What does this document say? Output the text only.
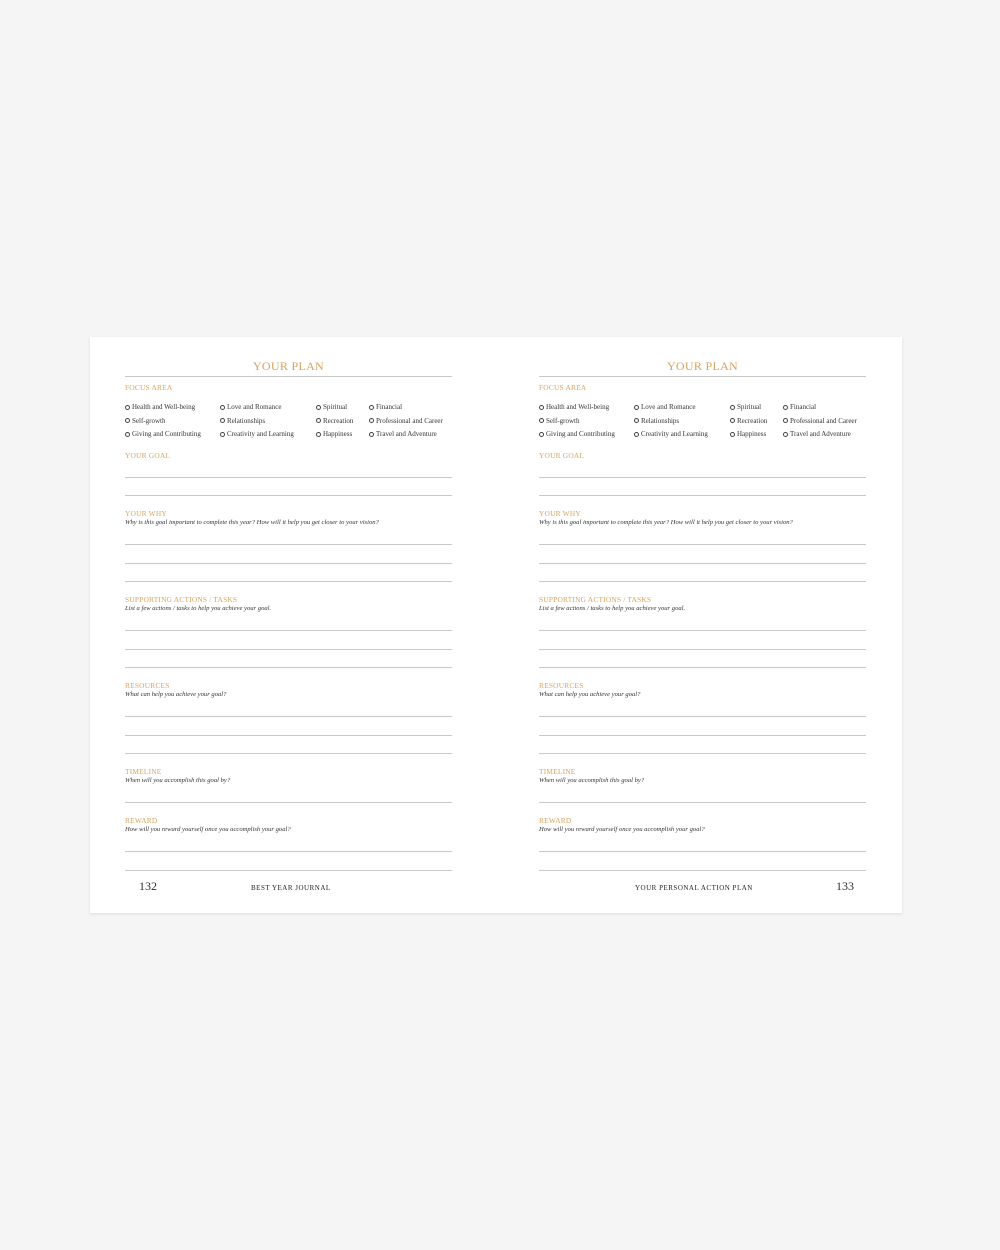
YOUR PLAN
FOCUS AREA
Health and Well-being
Self-growth
Giving and Contributing
Love and Romance
Relationships
Creativity and Learning
Spiritual
Recreation
Happiness
Financial
Professional and Career
Travel and Adventure
YOUR GOAL
YOUR WHY
Why is this goal important to complete this year? How will it help you get closer to your vision?
SUPPORTING ACTIONS / TASKS
List a few actions / tasks to help you achieve your goal.
RESOURCES
What can help you achieve your goal?
TIMELINE
When will you accomplish this goal by?
REWARD
How will you reward yourself once you accomplish your goal?
132	BEST YEAR JOURNAL
YOUR PLAN
FOCUS AREA
Health and Well-being
Self-growth
Giving and Contributing
Love and Romance
Relationships
Creativity and Learning
Spiritual
Recreation
Happiness
Financial
Professional and Career
Travel and Adventure
YOUR GOAL
YOUR WHY
Why is this goal important to complete this year? How will it help you get closer to your vision?
SUPPORTING ACTIONS / TASKS
List a few actions / tasks to help you achieve your goal.
RESOURCES
What can help you achieve your goal?
TIMELINE
When will you accomplish this goal by?
REWARD
How will you reward yourself once you accomplish your goal?
YOUR PERSONAL ACTION PLAN	133
